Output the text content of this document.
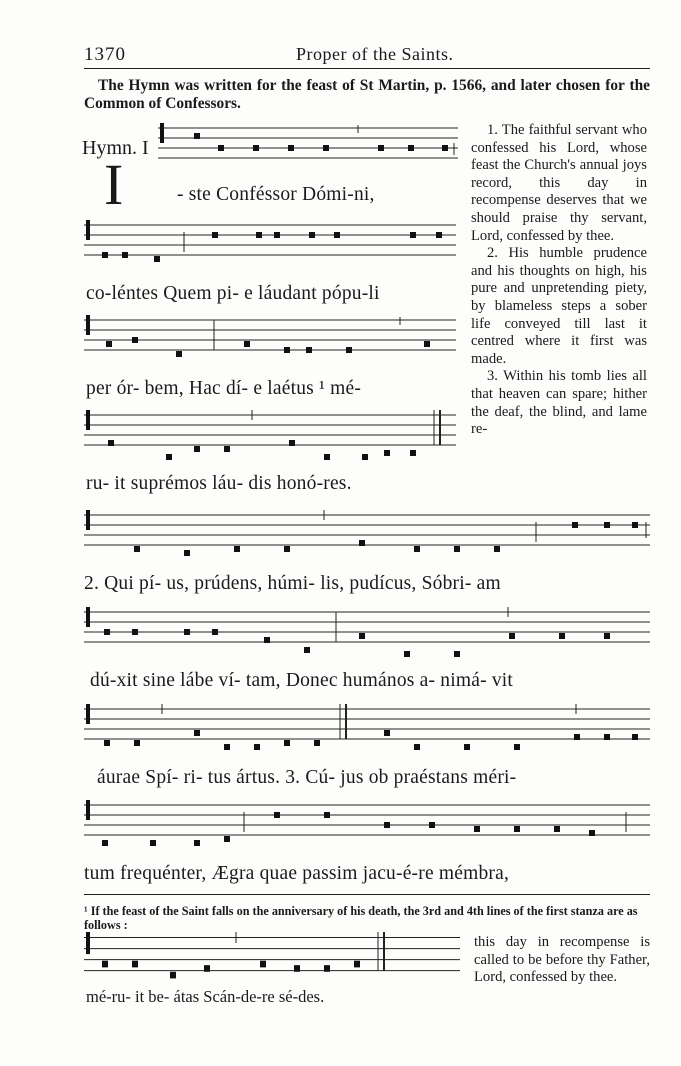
1370	Proper of the Saints.
The Hymn was written for the feast of St Martin, p. 1566, and later chosen for the Common of Confessors.
Hymn. I
I	- ste Conféssor Dómi-ni,
co-léntes Quem pi- e láudant pópu-li
per ór- bem, Hac dí- e laétus ¹ mé-
ru- it suprémos láu- dis honó-res.

1. The faithful servant who confessed his Lord, whose feast the Church's annual joys record, this day in recompense deserves that we should praise thy servant, Lord, confessed by thee.

2. His humble prudence and his thoughts on high, his pure and unpretending piety, by blameless steps a sober life conveyed till last it centred where it first was made.

3. Within his tomb lies all that heaven can spare; hither the deaf, the blind, and lame re-

2. Qui pí- us, prúdens, húmi- lis, pudícus, Sóbri- am
dú-xit sine lábe ví- tam, Donec humános a- nimá- vit
áurae Spí- ri- tus ártus. 3. Cú- jus ob praéstans méri-
tum frequénter, Ægra quae passim jacu-é-re mémbra,
¹ If the feast of the Saint falls on the anniversary of his death, the 3rd and 4th lines of the first stanza are as follows :
mé-ru- it be- átas Scán-de-re sé-des.
this day in recompense is called to be before thy Father, Lord, confessed by thee.
